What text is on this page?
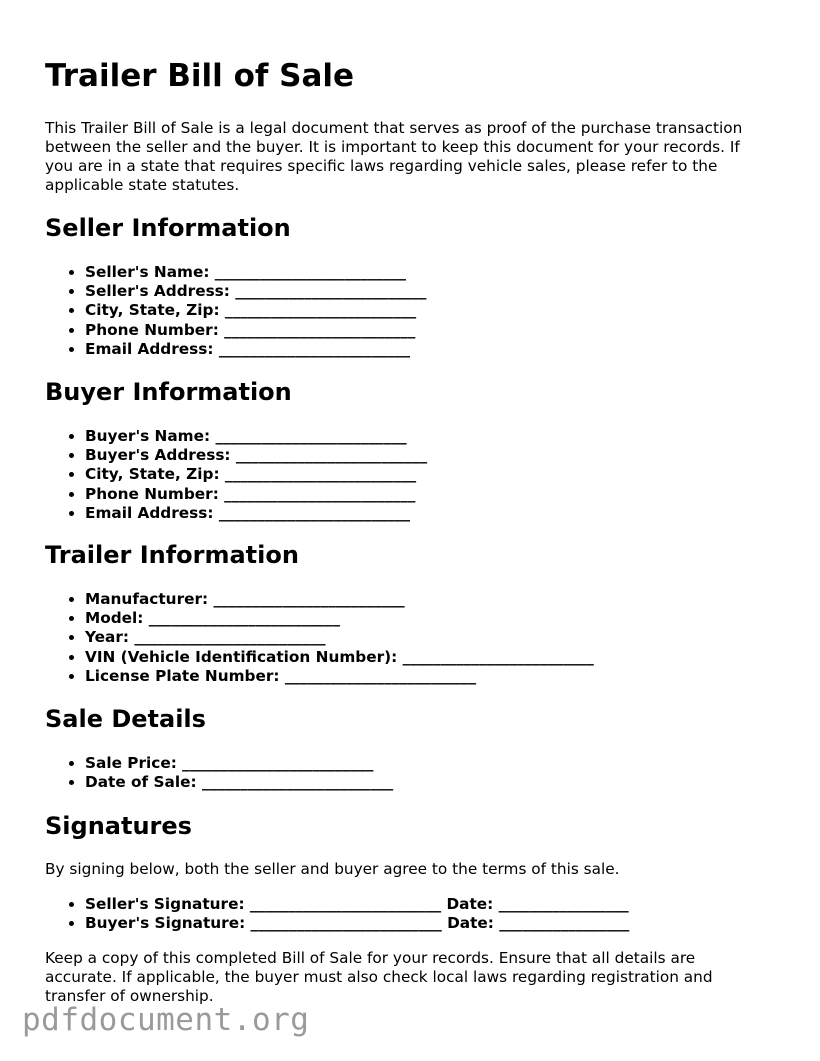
Trailer Bill of Sale

This Trailer Bill of Sale is a legal document that serves as proof of the purchase transaction between the seller and the buyer. It is important to keep this document for your records. If you are in a state that requires specific laws regarding vehicle sales, please refer to the applicable state statutes.

Seller Information
• Seller's Name: _________________________
• Seller's Address: _________________________
• City, State, Zip: _________________________
• Phone Number: _________________________
• Email Address: _________________________
Buyer Information
• Buyer's Name: _________________________
• Buyer's Address: _________________________
• City, State, Zip: _________________________
• Phone Number: _________________________
• Email Address: _________________________
Trailer Information
• Manufacturer: _________________________
• Model: _________________________
• Year: _________________________
• VIN (Vehicle Identification Number): _________________________
• License Plate Number: _________________________
Sale Details
• Sale Price: _________________________
• Date of Sale: _________________________
Signatures

By signing below, both the seller and buyer agree to the terms of this sale.

• Seller's Signature: _________________________ Date: _________________
• Buyer's Signature: _________________________ Date: _________________

Keep a copy of this completed Bill of Sale for your records. Ensure that all details are accurate. If applicable, the buyer must also check local laws regarding registration and transfer of ownership.

pdfdocument.org
